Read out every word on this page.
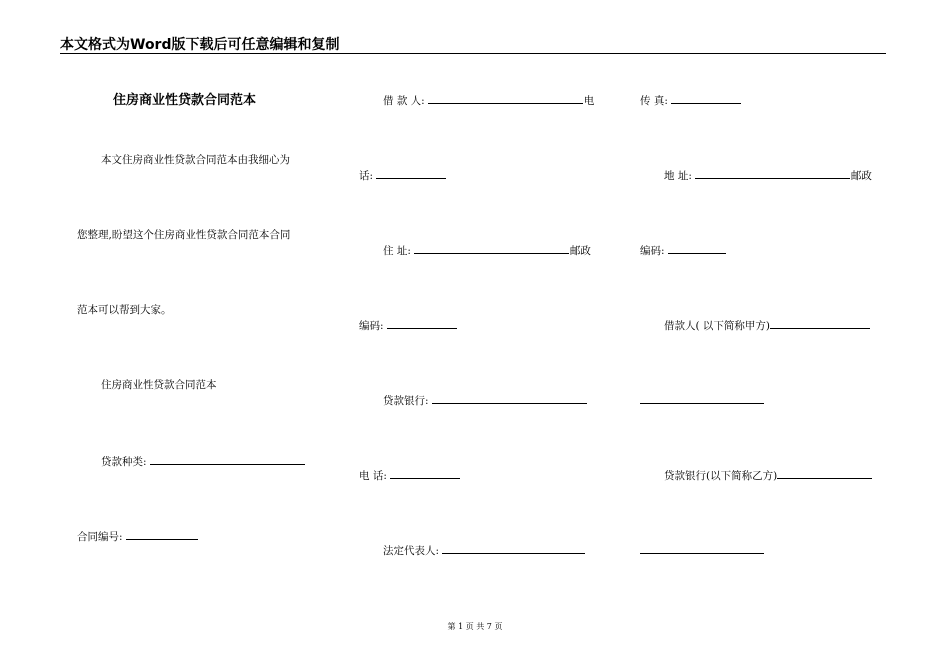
本文格式为Word版下载后可任意编辑和复制
住房商业性贷款合同范本
本文住房商业性贷款合同范本由我细心为
您整理,盼望这个住房商业性贷款合同范本合同
范本可以帮到大家。
住房商业性贷款合同范本
贷款种类:
合同编号:
借 款 人:	电
话:
住 址:	邮政
编码:
贷款银行:
电 话:
法定代表人:
传 真:
地 址:	邮政
编码:
借款人( 以下简称甲方)
贷款银行(以下简称乙方)
第 1 页 共 7 页
